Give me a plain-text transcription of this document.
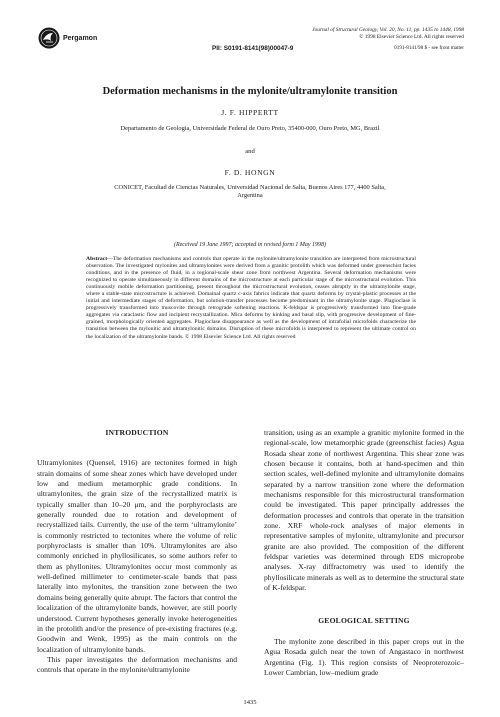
Pergamon
Journal of Structural Geology, Vol. 20, No. 11, pp. 1435 to 1448, 1998
© 1998 Elsevier Science Ltd. All rights reserved
PII: S0191-8141(98)00047-9	0191-8141/98 $ - see front matter
Deformation mechanisms in the mylonite/ultramylonite transition
J. F. HIPPERTT
Departamento de Geologia, Universidade Federal de Ouro Preto, 35400-000, Ouro Preto, MG, Brazil
and
F. D. HONGN
CONICET, Facultad de Ciencias Naturales, Universidad Nacional de Salta, Buenos Aires 177, 4400 Salta,
Argentina
(Received 19 June 1997; accepted in revised form 1 May 1998)
Abstract—The deformation mechanisms and controls that operate in the mylonite/ultramylonite transition are interpreted from microstructural observation. The investigated mylonites and ultramylonites were derived from a granitic protolith which was deformed under greenschist facies conditions, and in the presence of fluid, in a regional-scale shear zone from northwest Argentina. Several deformation mechanisms were recognized to operate simultaneously in different domains of the microstructure at each particular stage of the microstructural evolution. This continuously mobile deformation partitioning, present throughout the microstructural evolution, ceases abruptly in the ultramylonite stage, where a stable-state microstructure is achieved. Domainal quartz c-axis fabrics indicate that quartz deforms by crystal-plastic processes at the initial and intermediate stages of deformation, but solution-transfer processes become predominant in the ultramylonite stage. Plagioclase is progressively transformed into muscovite through retrograde softening reactions. K-feldspar is progressively transformed into fine-grade aggregates via cataclastic flow and incipient recrystallization. Mica deforms by kinking and basal slip, with progressive development of fine-grained, morphologically oriented aggregates. Plagioclase disappearance as well as the development of intrafolial microfolds characterize the transition between the mylonitic and ultramylonitic domains. Disruption of these microfolds is interpreted to represent the ultimate control on the localization of the ultramylonite bands. © 1998 Elsevier Science Ltd. All rights reserved
INTRODUCTION

Ultramylonites (Quensel, 1916) are tectonites formed in high strain domains of some shear zones which have developed under low and medium metamorphic grade conditions. In ultramylonites, the grain size of the recrystallized matrix is typically smaller than 10–20 μm, and the porphyroclasts are generally rounded due to rotation and development of recrystallized tails. Currently, the use of the term ‘ultramylonite’ is commonly restricted to tectonites where the volume of relic porphyroclasts is smaller than 10%. Ultramylonites are also commonly enriched in phyllosilicates, so some authors refer to them as phyllonites. Ultramylonites occur most commonly as well-defined millimeter to centimeter-scale bands that pass laterally into mylonites, the transition zone between the two domains being generally quite abrupt. The factors that control the localization of the ultramylonite bands, however, are still poorly understood. Current hypotheses generally invoke heterogeneities in the protolith and/or the presence of pre-existing fractures (e.g. Goodwin and Wenk, 1995) as the main controls on the localization of ultramylonite bands.

This paper investigates the deformation mechanisms and controls that operate in the mylonite/ultramylonite

transition, using as an example a granitic mylonite formed in the regional-scale, low metamorphic grade (greenschist facies) Agua Rosada shear zone of northwest Argentina. This shear zone was chosen because it contains, both at hand-specimen and thin section scales, well-defined mylonite and ultramylonite domains separated by a narrow transition zone where the deformation mechanisms responsible for this microstructural transformation could be investigated. This paper principally addresses the deformation processes and controls that operate in the transition zone. XRF whole-rock analyses of major elements in representative samples of mylonite, ultramylonite and precursor granite are also provided. The composition of the different feldspar varieties was determined through EDS microprobe analyses. X-ray diffractometry was used to identify the phyllosilicate minerals as well as to determine the structural state of K-feldspar.

GEOLOGICAL SETTING

The mylonite zone described in this paper crops out in the Agua Rosada gulch near the town of Angastaco in northwest Argentina (Fig. 1). This region consists of Neoproterozoic–Lower Cambrian, low–medium grade

1435
